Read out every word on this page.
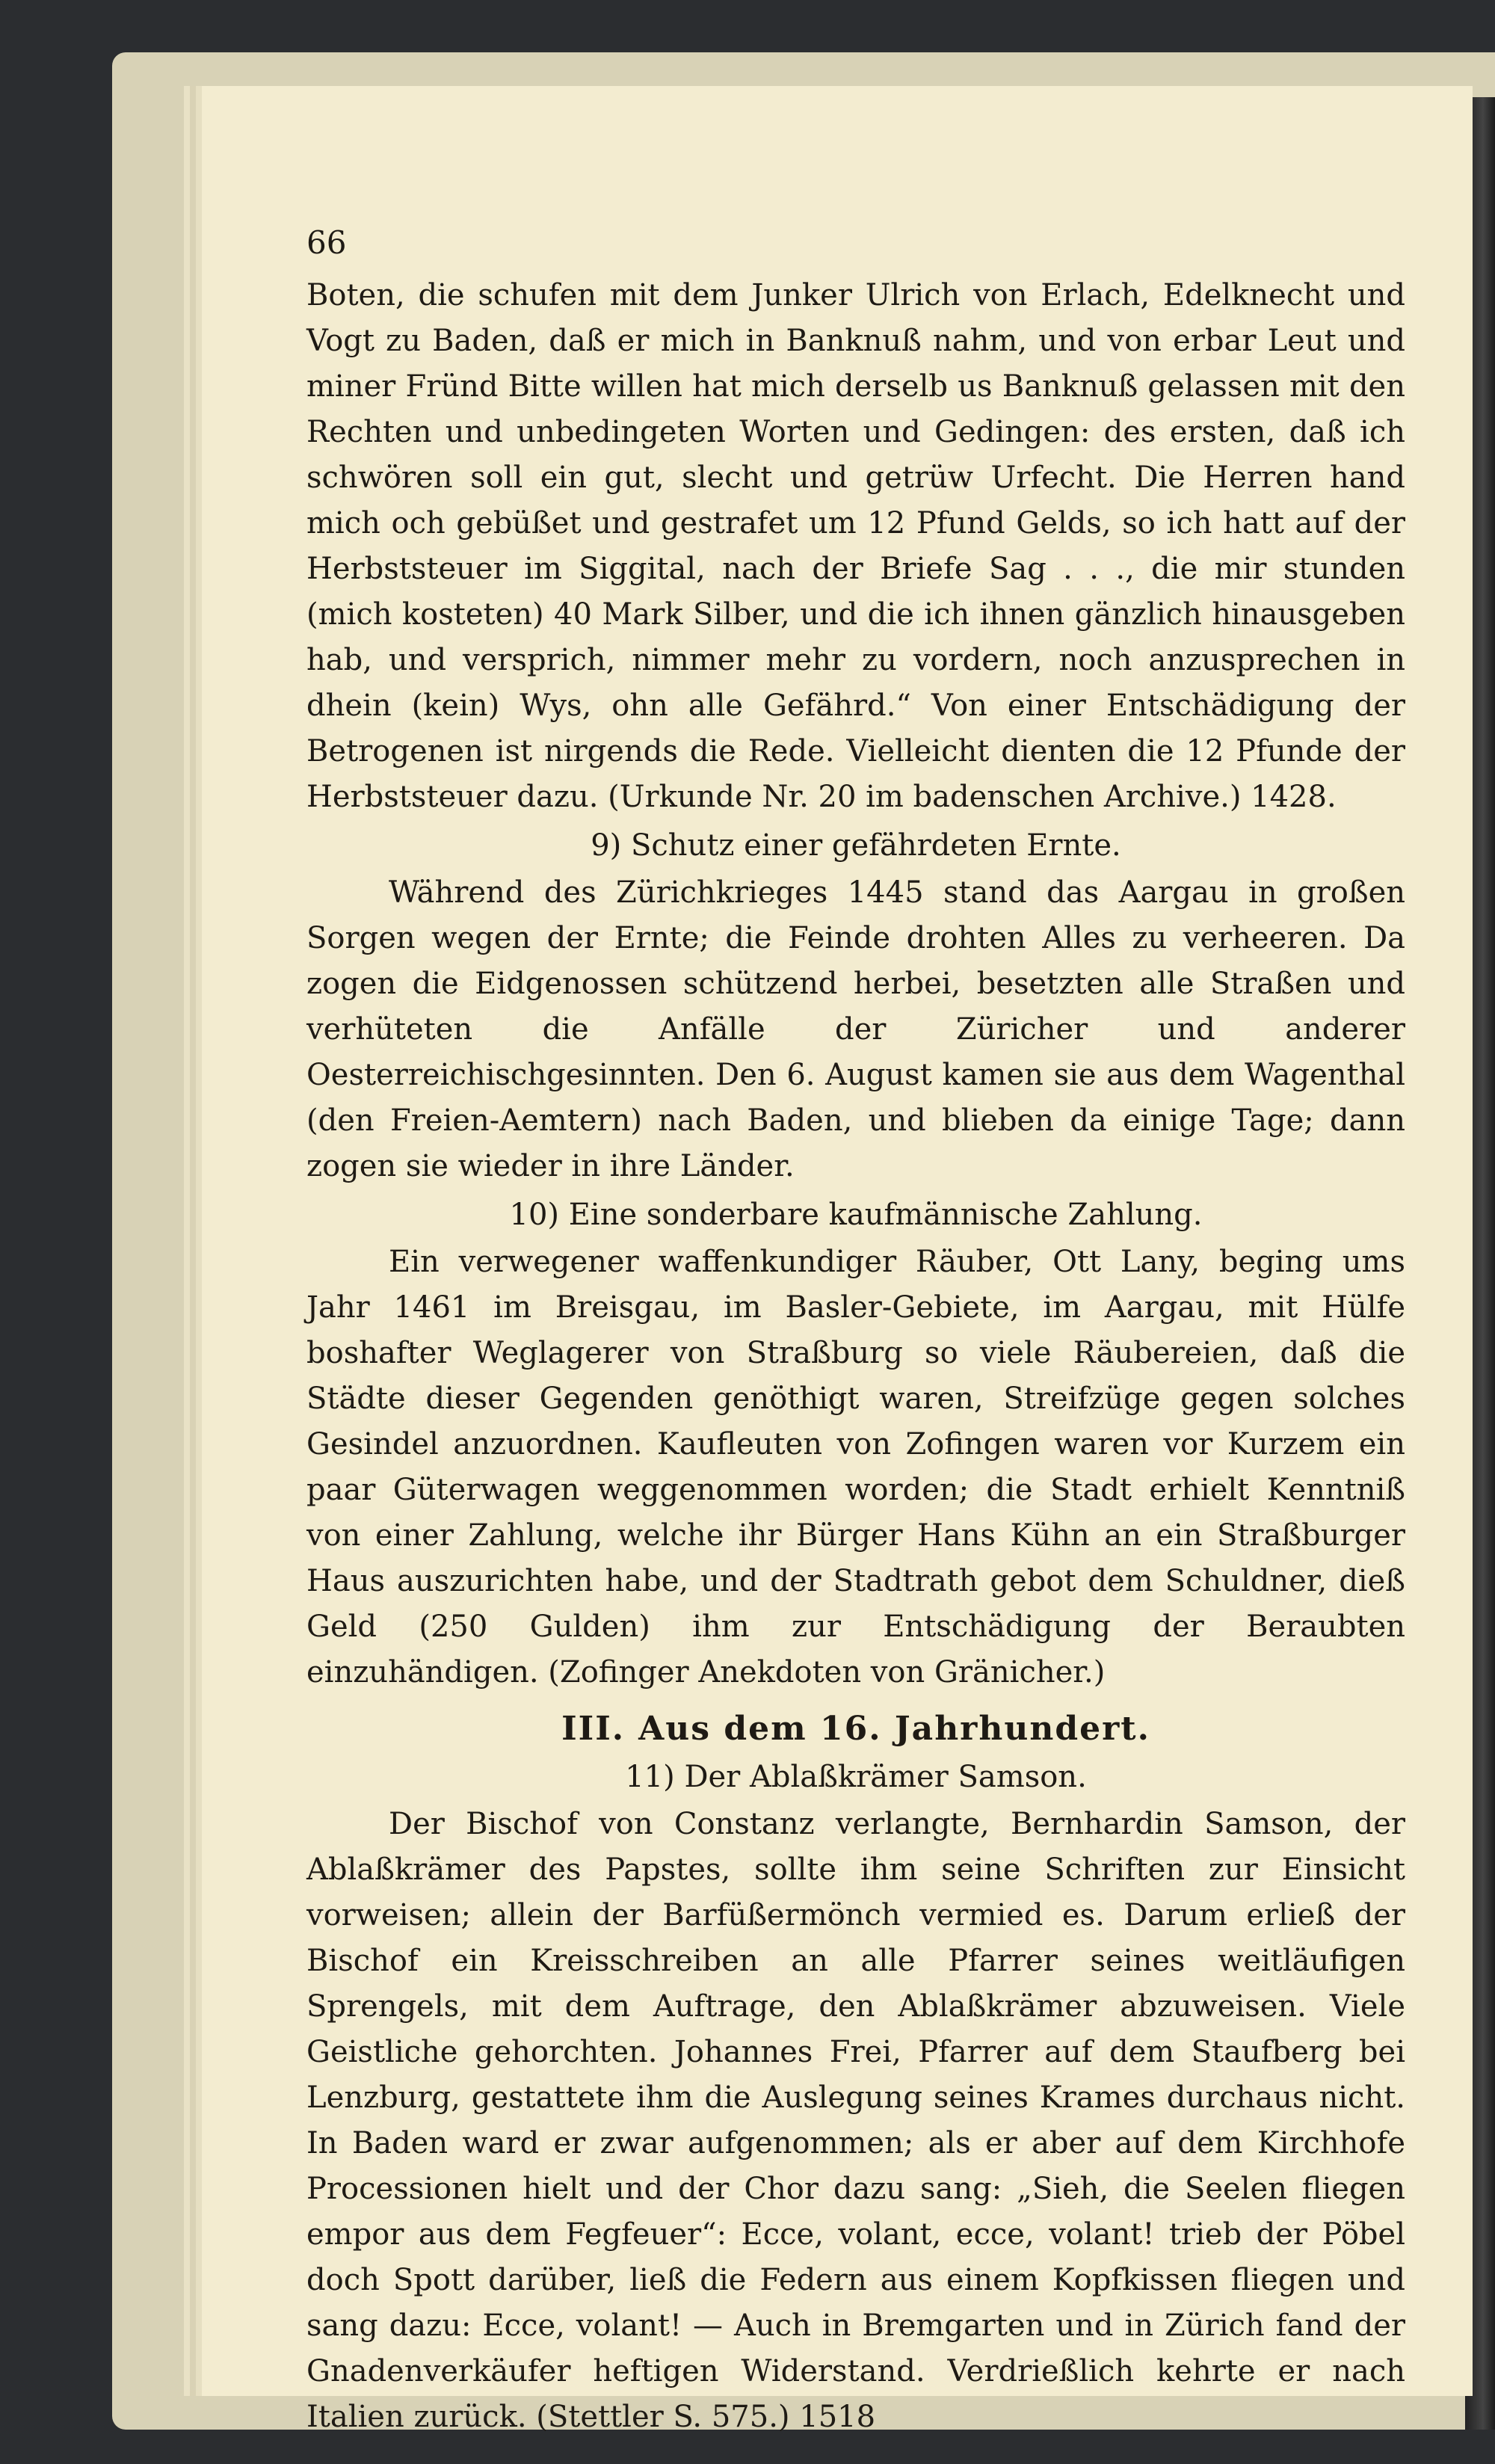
66

Boten, die schufen mit dem Junker Ulrich von Erlach, Edelknecht und Vogt zu Baden, daß er mich in Banknuß nahm, und von erbar Leut und miner Fründ Bitte willen hat mich derselb us Banknuß gelassen mit den Rechten und unbedingeten Worten und Gedingen: des ersten, daß ich schwören soll ein gut, slecht und getrüw Urfecht. Die Herren hand mich och gebüßet und gestrafet um 12 Pfund Gelds, so ich hatt auf der Herbststeuer im Siggital, nach der Briefe Sag . . ., die mir stunden (mich kosteten) 40 Mark Silber, und die ich ihnen gänzlich hinausgeben hab, und versprich, nimmer mehr zu vordern, noch anzusprechen in dhein (kein) Wys, ohn alle Gefährd.“ Von einer Entschädigung der Betrogenen ist nirgends die Rede. Vielleicht dienten die 12 Pfunde der Herbststeuer dazu. (Urkunde Nr. 20 im badenschen Archive.) 1428.

9) Schutz einer gefährdeten Ernte.

Während des Zürichkrieges 1445 stand das Aargau in großen Sorgen wegen der Ernte; die Feinde drohten Alles zu verheeren. Da zogen die Eidgenossen schützend herbei, besetzten alle Straßen und verhüteten die Anfälle der Züricher und anderer Oesterreichischgesinnten. Den 6. August kamen sie aus dem Wagenthal (den Freien-Aemtern) nach Baden, und blieben da einige Tage; dann zogen sie wieder in ihre Länder.

10) Eine sonderbare kaufmännische Zahlung.

Ein verwegener waffenkundiger Räuber, Ott Lany, beging ums Jahr 1461 im Breisgau, im Basler-Gebiete, im Aargau, mit Hülfe boshafter Weglagerer von Straßburg so viele Räubereien, daß die Städte dieser Gegenden genöthigt waren, Streifzüge gegen solches Gesindel anzuordnen. Kaufleuten von Zofingen waren vor Kurzem ein paar Güterwagen weggenommen worden; die Stadt erhielt Kenntniß von einer Zahlung, welche ihr Bürger Hans Kühn an ein Straßburger Haus auszurichten habe, und der Stadtrath gebot dem Schuldner, dieß Geld (250 Gulden) ihm zur Entschädigung der Beraubten einzuhändigen. (Zofinger Anekdoten von Gränicher.)

III. Aus dem 16. Jahrhundert.
11) Der Ablaßkrämer Samson.

Der Bischof von Constanz verlangte, Bernhardin Samson, der Ablaßkrämer des Papstes, sollte ihm seine Schriften zur Einsicht vorweisen; allein der Barfüßermönch vermied es. Darum erließ der Bischof ein Kreisschreiben an alle Pfarrer seines weitläufigen Sprengels, mit dem Auftrage, den Ablaßkrämer abzuweisen. Viele Geistliche gehorchten. Johannes Frei, Pfarrer auf dem Staufberg bei Lenzburg, gestattete ihm die Auslegung seines Krames durchaus nicht. In Baden ward er zwar aufgenommen; als er aber auf dem Kirchhofe Processionen hielt und der Chor dazu sang: „Sieh, die Seelen fliegen empor aus dem Fegfeuer“: Ecce, volant, ecce, volant! trieb der Pöbel doch Spott darüber, ließ die Federn aus einem Kopfkissen fliegen und sang dazu: Ecce, volant! — Auch in Bremgarten und in Zürich fand der Gnadenverkäufer heftigen Widerstand. Verdrießlich kehrte er nach Italien zurück. (Stettler S. 575.) 1518
